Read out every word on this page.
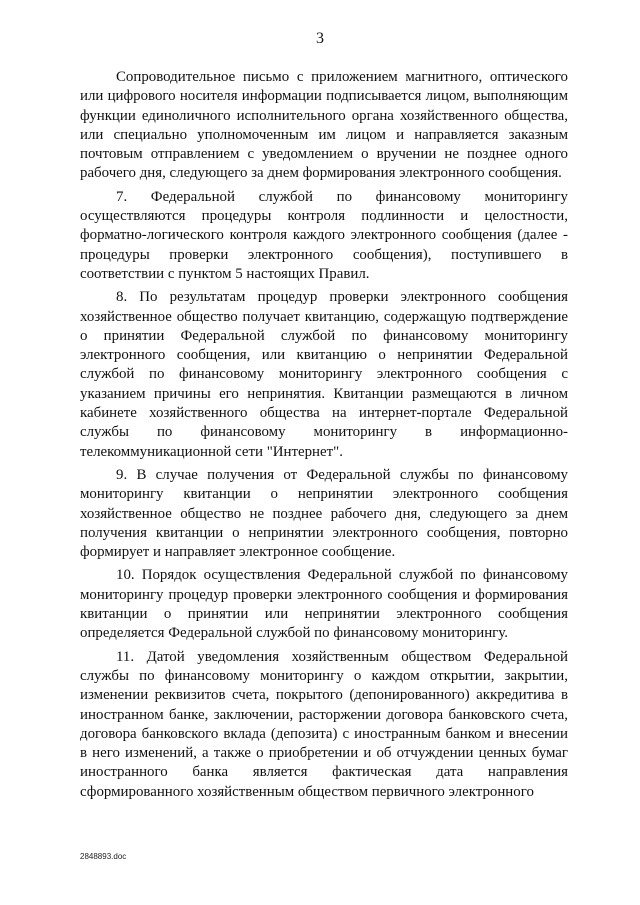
3

Сопроводительное письмо с приложением магнитного, оптического или цифрового носителя информации подписывается лицом, выполняющим функции единоличного исполнительного органа хозяйственного общества, или специально уполномоченным им лицом и направляется заказным почтовым отправлением с уведомлением о вручении не позднее одного рабочего дня, следующего за днем формирования электронного сообщения.

7. Федеральной службой по финансовому мониторингу осуществляются процедуры контроля подлинности и целостности, форматно-логического контроля каждого электронного сообщения (далее - процедуры проверки электронного сообщения), поступившего в соответствии с пунктом 5 настоящих Правил.

8. По результатам процедур проверки электронного сообщения хозяйственное общество получает квитанцию, содержащую подтверждение о принятии Федеральной службой по финансовому мониторингу электронного сообщения, или квитанцию о непринятии Федеральной службой по финансовому мониторингу электронного сообщения с указанием причины его непринятия. Квитанции размещаются в личном кабинете хозяйственного общества на интернет-портале Федеральной службы по финансовому мониторингу в информационно-телекоммуникационной сети "Интернет".

9. В случае получения от Федеральной службы по финансовому мониторингу квитанции о непринятии электронного сообщения хозяйственное общество не позднее рабочего дня, следующего за днем получения квитанции о непринятии электронного сообщения, повторно формирует и направляет электронное сообщение.

10. Порядок осуществления Федеральной службой по финансовому мониторингу процедур проверки электронного сообщения и формирования квитанции о принятии или непринятии электронного сообщения определяется Федеральной службой по финансовому мониторингу.

11. Датой уведомления хозяйственным обществом Федеральной службы по финансовому мониторингу о каждом открытии, закрытии, изменении реквизитов счета, покрытого (депонированного) аккредитива в иностранном банке, заключении, расторжении договора банковского счета, договора банковского вклада (депозита) с иностранным банком и внесении в него изменений, а также о приобретении и об отчуждении ценных бумаг иностранного банка является фактическая дата направления сформированного хозяйственным обществом первичного электронного

2848893.doc
